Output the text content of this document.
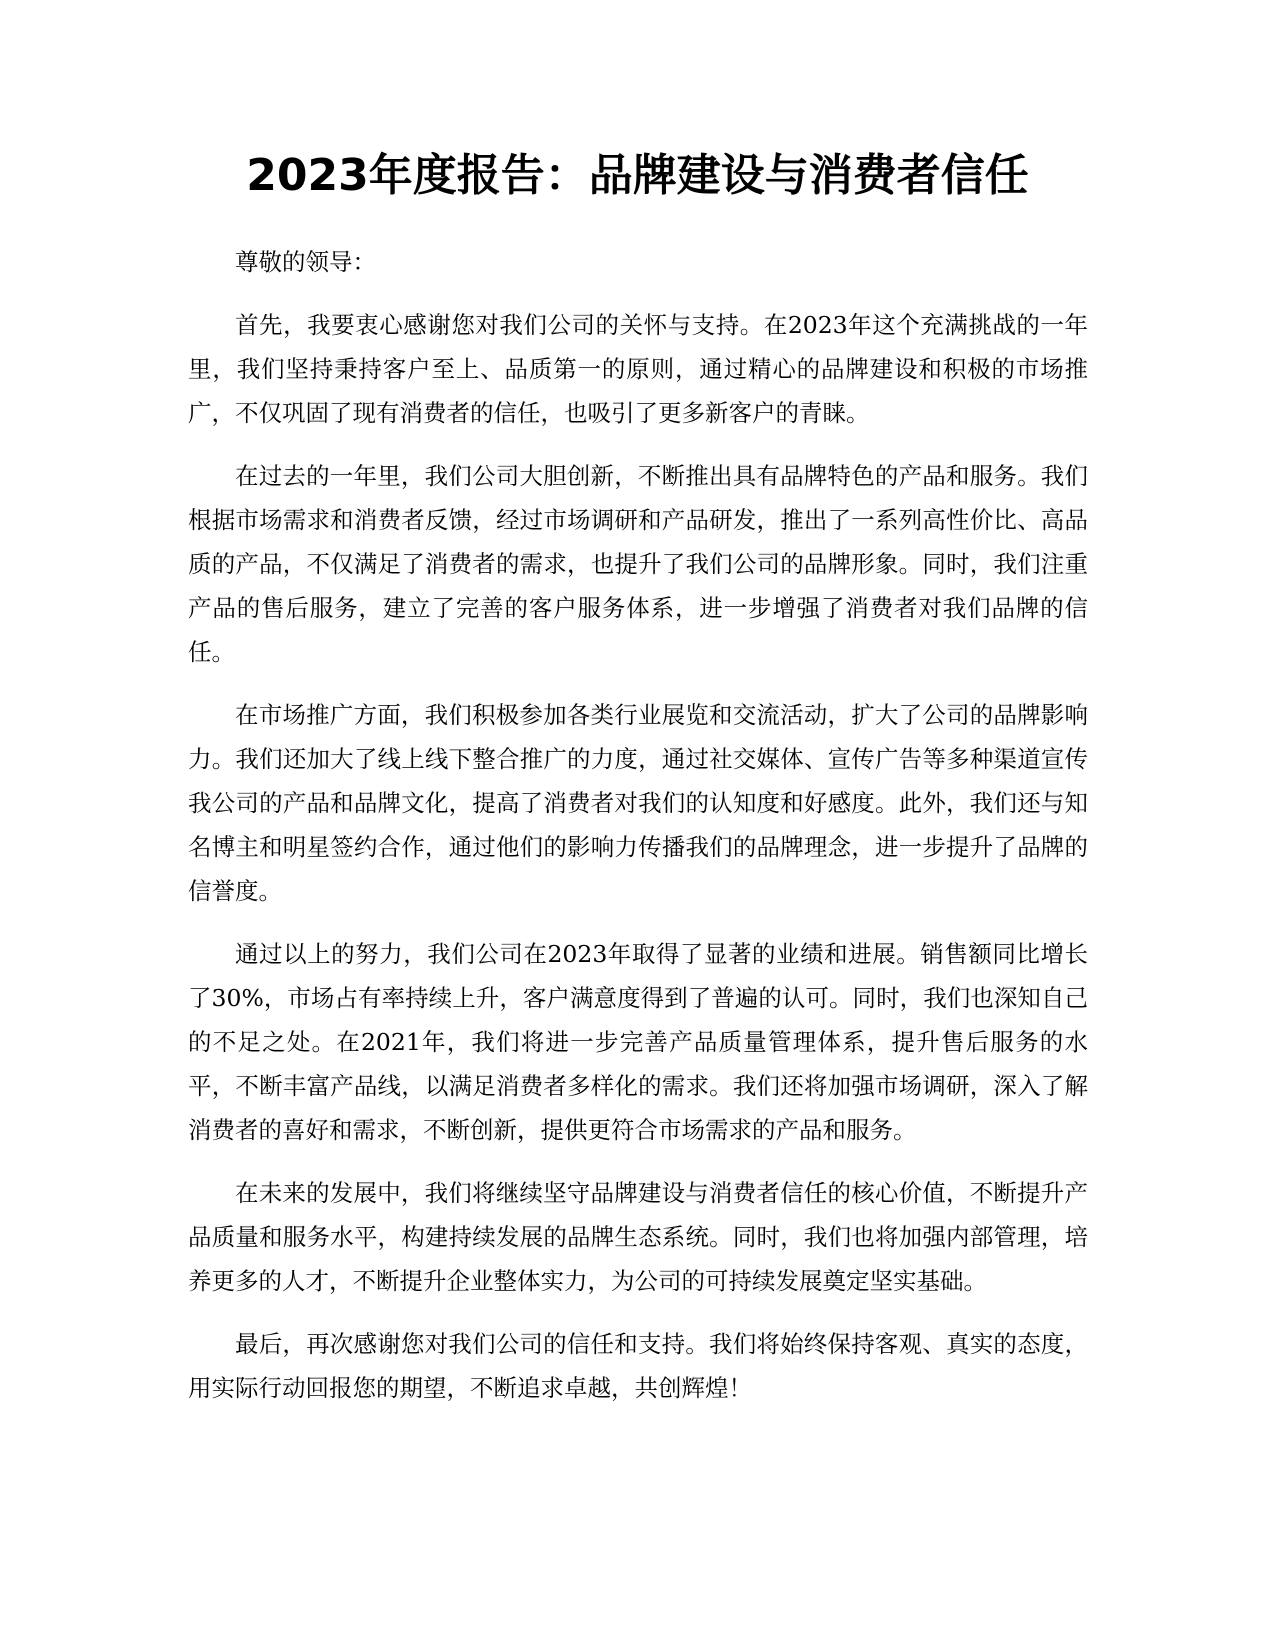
2023年度报告：品牌建设与消费者信任

尊敬的领导：

首先，我要衷心感谢您对我们公司的关怀与支持。在2023年这个充满挑战的一年里，我们坚持秉持客户至上、品质第一的原则，通过精心的品牌建设和积极的市场推广，不仅巩固了现有消费者的信任，也吸引了更多新客户的青睐。

在过去的一年里，我们公司大胆创新，不断推出具有品牌特色的产品和服务。我们根据市场需求和消费者反馈，经过市场调研和产品研发，推出了一系列高性价比、高品质的产品，不仅满足了消费者的需求，也提升了我们公司的品牌形象。同时，我们注重产品的售后服务，建立了完善的客户服务体系，进一步增强了消费者对我们品牌的信任。

在市场推广方面，我们积极参加各类行业展览和交流活动，扩大了公司的品牌影响力。我们还加大了线上线下整合推广的力度，通过社交媒体、宣传广告等多种渠道宣传我公司的产品和品牌文化，提高了消费者对我们的认知度和好感度。此外，我们还与知名博主和明星签约合作，通过他们的影响力传播我们的品牌理念，进一步提升了品牌的信誉度。

通过以上的努力，我们公司在2023年取得了显著的业绩和进展。销售额同比增长了30%，市场占有率持续上升，客户满意度得到了普遍的认可。同时，我们也深知自己的不足之处。在2021年，我们将进一步完善产品质量管理体系，提升售后服务的水平，不断丰富产品线，以满足消费者多样化的需求。我们还将加强市场调研，深入了解消费者的喜好和需求，不断创新，提供更符合市场需求的产品和服务。

在未来的发展中，我们将继续坚守品牌建设与消费者信任的核心价值，不断提升产品质量和服务水平，构建持续发展的品牌生态系统。同时，我们也将加强内部管理，培养更多的人才，不断提升企业整体实力，为公司的可持续发展奠定坚实基础。

最后，再次感谢您对我们公司的信任和支持。我们将始终保持客观、真实的态度，用实际行动回报您的期望，不断追求卓越，共创辉煌！
